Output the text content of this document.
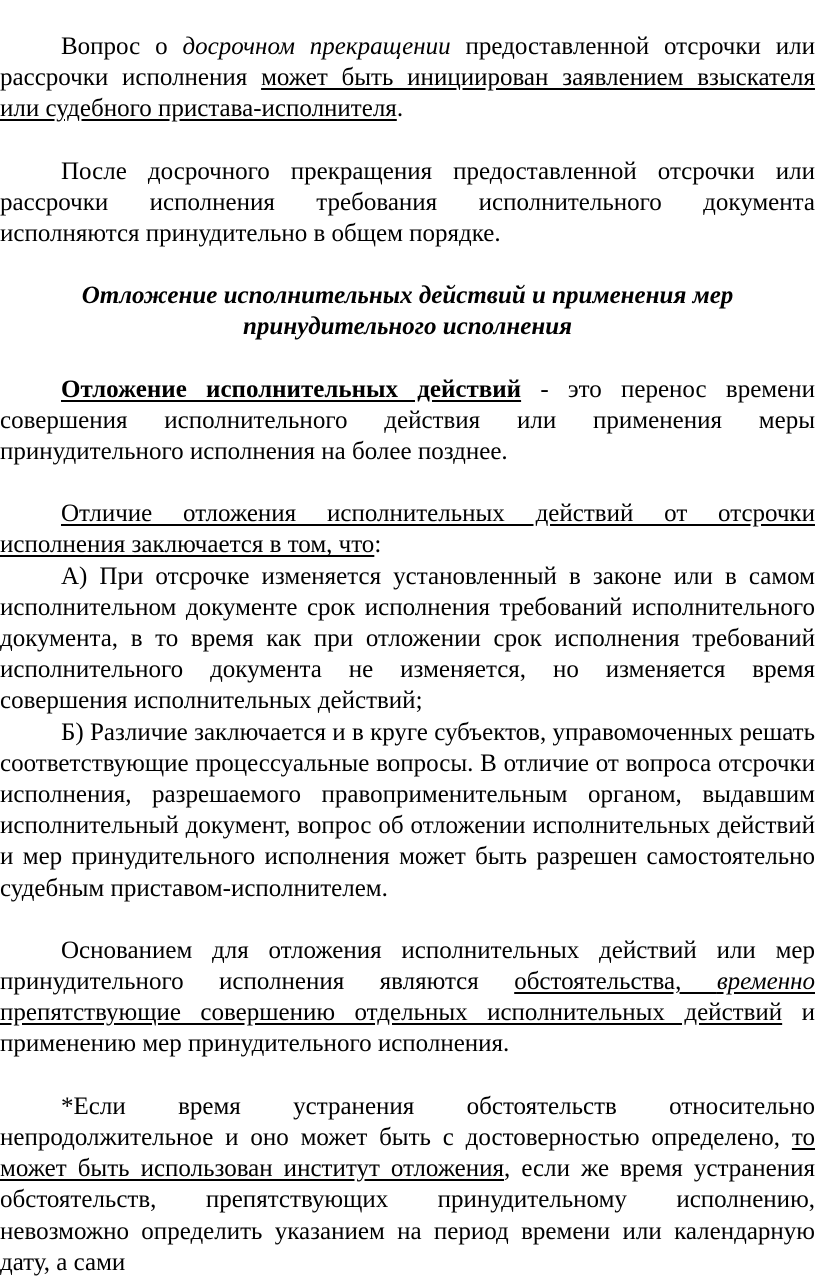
Вопрос о досрочном прекращении предоставленной отсрочки или рассрочки исполнения может быть инициирован заявлением взыскателя или судебного пристава-исполнителя.

После досрочного прекращения предоставленной отсрочки или рассрочки исполнения требования исполнительного документа исполняются принудительно в общем порядке.

Отложение исполнительных действий и применения мер
принудительного исполнения

Отложение исполнительных действий - это перенос времени совершения исполнительного действия или применения меры принудительного исполнения на более позднее.

Отличие отложения исполнительных действий от отсрочки исполнения заключается в том, что:

А) При отсрочке изменяется установленный в законе или в самом исполнительном документе срок исполнения требований исполнительного документа, в то время как при отложении срок исполнения требований исполнительного документа не изменяется, но изменяется время совершения исполнительных действий;

Б) Различие заключается и в круге субъектов, управомоченных решать соответствующие процессуальные вопросы. В отличие от вопроса отсрочки исполнения, разрешаемого правоприменительным органом, выдавшим исполнительный документ, вопрос об отложении исполнительных действий и мер принудительного исполнения может быть разрешен самостоятельно судебным приставом-исполнителем.

Основанием для отложения исполнительных действий или мер принудительного исполнения являются обстоятельства, временно препятствующие совершению отдельных исполнительных действий и применению мер принудительного исполнения.

*Если время устранения обстоятельств относительно непродолжительное и оно может быть с достоверностью определено, то может быть использован институт отложения, если же время устранения обстоятельств, препятствующих принудительному исполнению, невозможно определить указанием на период времени или календарную дату, а сами
